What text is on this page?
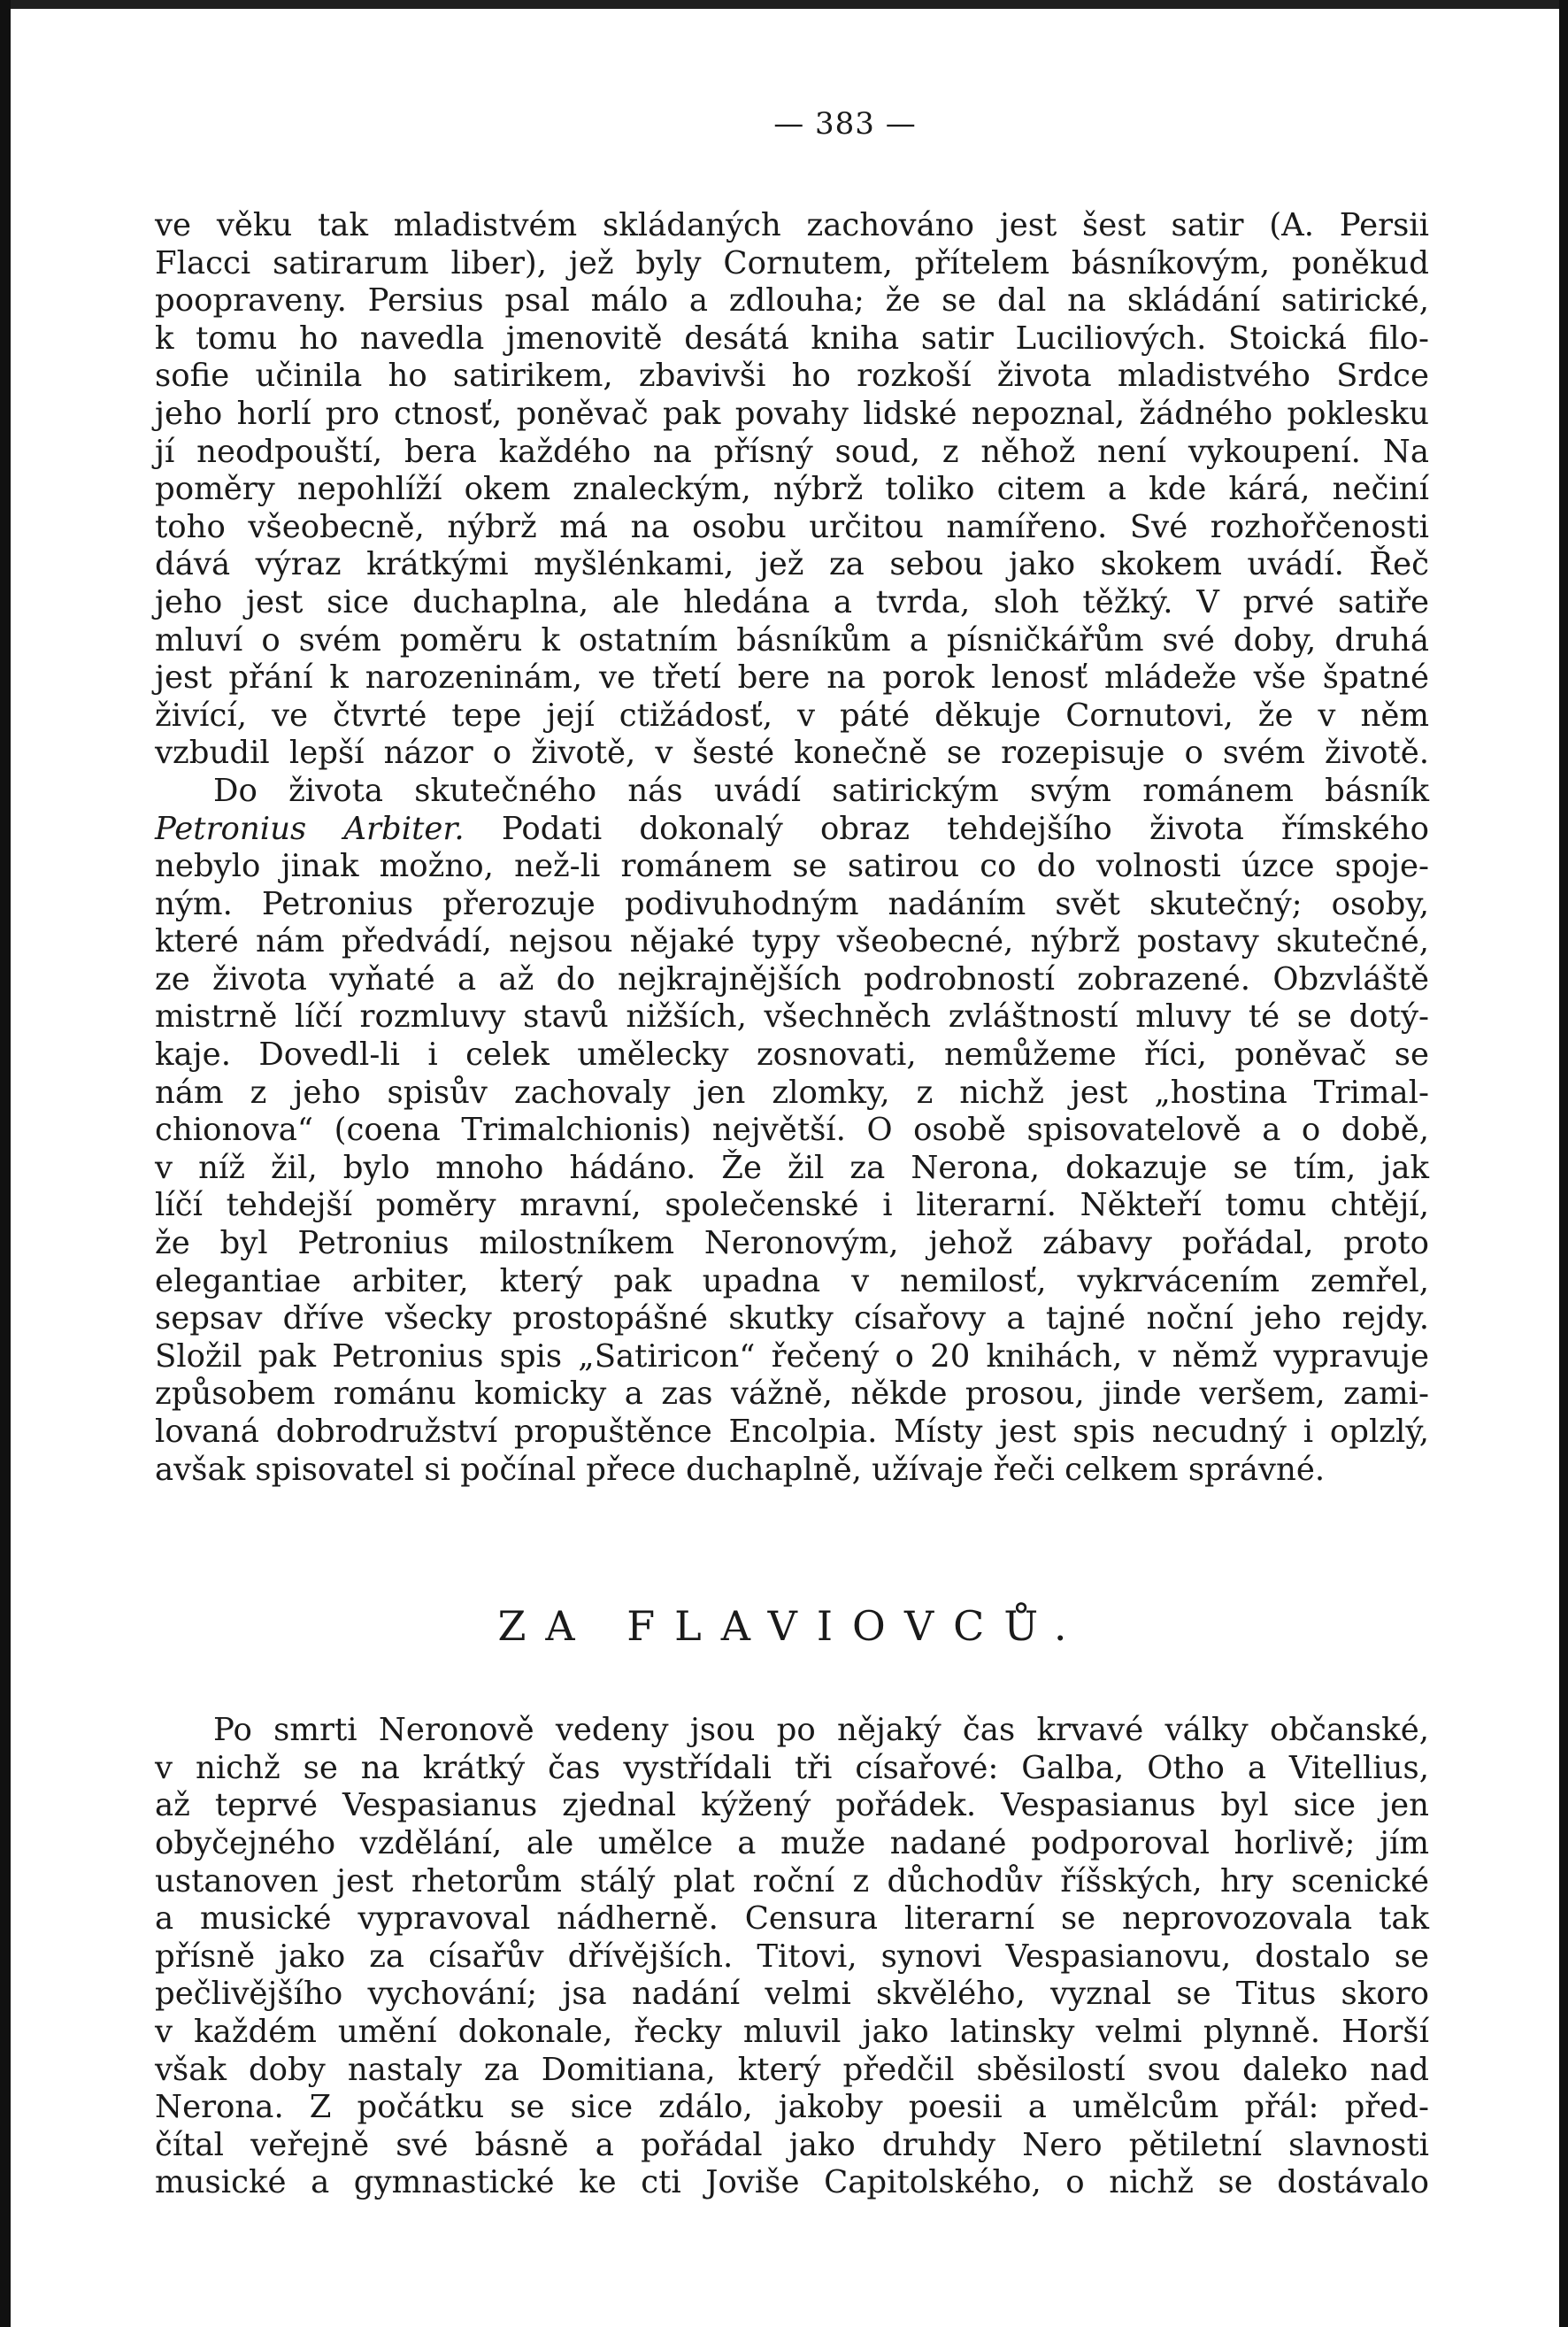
— 383 —
ve věku tak mladistvém skládaných zachováno jest šest satir (A. Persii
Flacci satirarum liber), jež byly Cornutem, přítelem básníkovým, poněkud
poopraveny. Persius psal málo a zdlouha; že se dal na skládání satirické,
k tomu ho navedla jmenovitě desátá kniha satir Luciliových. Stoická filo-
sofie učinila ho satirikem, zbavivši ho rozkoší života mladistvého Srdce
jeho horlí pro ctnosť, poněvač pak povahy lidské nepoznal, žádného poklesku
jí neodpouští, bera každého na přísný soud, z něhož není vykoupení. Na
poměry nepohlíží okem znaleckým, nýbrž toliko citem a kde kárá, nečiní
toho všeobecně, nýbrž má na osobu určitou namířeno. Své rozhořčenosti
dává výraz krátkými myšlénkami, jež za sebou jako skokem uvádí. Řeč
jeho jest sice duchaplna, ale hledána a tvrda, sloh těžký. V prvé satiře
mluví o svém poměru k ostatním básníkům a písničkářům své doby, druhá
jest přání k narozeninám, ve třetí bere na porok lenosť mládeže vše špatné
živící, ve čtvrté tepe její ctižádosť, v páté děkuje Cornutovi, že v něm
vzbudil lepší názor o životě, v šesté konečně se rozepisuje o svém životě.
Do života skutečného nás uvádí satirickým svým románem básník
Petronius Arbiter. Podati dokonalý obraz tehdejšího života římského
nebylo jinak možno, než-li románem se satirou co do volnosti úzce spoje-
ným. Petronius přerozuje podivuhodným nadáním svět skutečný; osoby,
které nám předvádí, nejsou nějaké typy všeobecné, nýbrž postavy skutečné,
ze života vyňaté a až do nejkrajnějších podrobností zobrazené. Obzvláště
mistrně líčí rozmluvy stavů nižších, všechněch zvláštností mluvy té se dotý-
kaje. Dovedl-li i celek umělecky zosnovati, nemůžeme říci, poněvač se
nám z jeho spisův zachovaly jen zlomky, z nichž jest „hostina Trimal-
chionova“ (coena Trimalchionis) největší. O osobě spisovatelově a o době,
v níž žil, bylo mnoho hádáno. Že žil za Nerona, dokazuje se tím, jak
líčí tehdejší poměry mravní, společenské i literarní. Někteří tomu chtějí,
že byl Petronius milostníkem Neronovým, jehož zábavy pořádal, proto
elegantiae arbiter, který pak upadna v nemilosť, vykrvácením zemřel,
sepsav dříve všecky prostopášné skutky císařovy a tajné noční jeho rejdy.
Složil pak Petronius spis „Satiricon“ řečený o 20 knihách, v němž vypravuje
způsobem románu komicky a zas vážně, někde prosou, jinde veršem, zami-
lovaná dobrodružství propuštěnce Encolpia. Místy jest spis necudný i oplzlý,
avšak spisovatel si počínal přece duchaplně, užívaje řeči celkem správné.
ZA FLAVIOVCŮ.
Po smrti Neronově vedeny jsou po nějaký čas krvavé války občanské,
v nichž se na krátký čas vystřídali tři císařové: Galba, Otho a Vitellius,
až teprvé Vespasianus zjednal kýžený pořádek. Vespasianus byl sice jen
obyčejného vzdělání, ale umělce a muže nadané podporoval horlivě; jím
ustanoven jest rhetorům stálý plat roční z důchodův říšských, hry scenické
a musické vypravoval nádherně. Censura literarní se neprovozovala tak
přísně jako za císařův dřívějších. Titovi, synovi Vespasianovu, dostalo se
pečlivějšího vychování; jsa nadání velmi skvělého, vyznal se Titus skoro
v každém umění dokonale, řecky mluvil jako latinsky velmi plynně. Horší
však doby nastaly za Domitiana, který předčil sběsilostí svou daleko nad
Nerona. Z počátku se sice zdálo, jakoby poesii a umělcům přál: před-
čítal veřejně své básně a pořádal jako druhdy Nero pětiletní slavnosti
musické a gymnastické ke cti Jovišе Capitolského, o nichž se dostávalo
